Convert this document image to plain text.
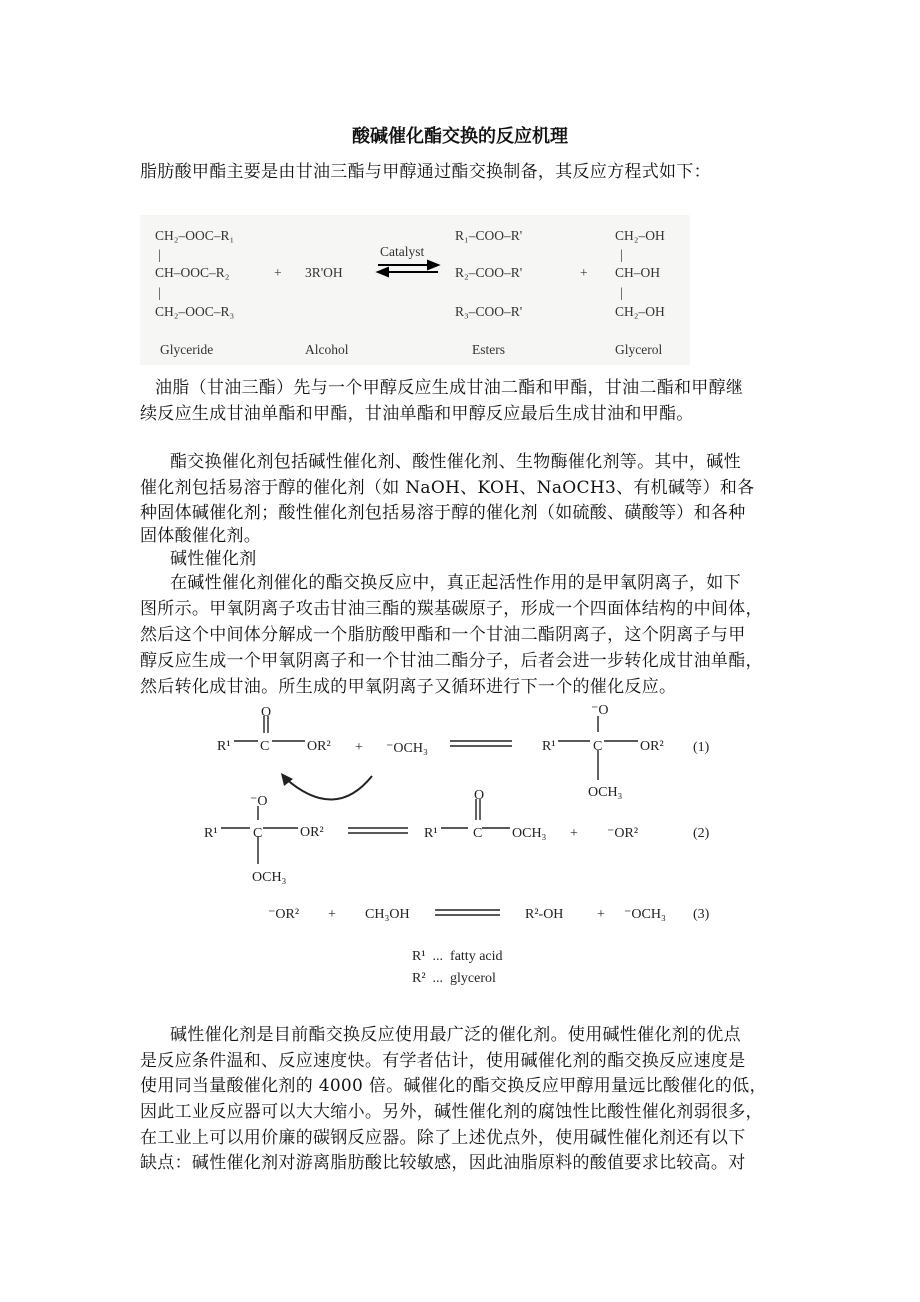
酸碱催化酯交换的反应机理
脂肪酸甲酯主要是由甘油三酯与甲醇通过酯交换制备，其反应方程式如下：
CH₂–OOC–R₁
|
CH–OOC–R₂
|
CH₂–OOC–R₃
+ 3R'OH
Catalyst
R₁–COO–R'
R₂–COO–R'
R₃–COO–R'
+
CH₂–OH
|
CH–OH
|
CH₂–OH
Glyceride	Alcohol	Esters	Glycerol
油脂（甘油三酯）先与一个甲醇反应生成甘油二酯和甲酯，甘油二酯和甲醇继
续反应生成甘油单酯和甲酯，甘油单酯和甲醇反应最后生成甘油和甲酯。
酯交换催化剂包括碱性催化剂、酸性催化剂、生物酶催化剂等。其中，碱性
催化剂包括易溶于醇的催化剂（如 NaOH、KOH、NaOCH3、有机碱等）和各
种固体碱催化剂；酸性催化剂包括易溶于醇的催化剂（如硫酸、磺酸等）和各种
固体酸催化剂。
碱性催化剂
在碱性催化剂催化的酯交换反应中，真正起活性作用的是甲氧阴离子，如下
图所示。甲氧阴离子攻击甘油三酯的羰基碳原子，形成一个四面体结构的中间体，
然后这个中间体分解成一个脂肪酸甲酯和一个甘油二酯阴离子，这个阴离子与甲
醇反应生成一个甲氧阴离子和一个甘油二酯分子，后者会进一步转化成甘油单酯，
然后转化成甘油。所生成的甲氧阴离子又循环进行下一个的催化反应。
R¹ C
O
OR² + ⁻OCH₃	R¹	C
⁻O
OR²
OCH₃
(1)
R¹	C
⁻O
OR²
OCH₃
R¹	C
O
OCH₃ + ⁻OR²	(2)
⁻OR² + CH₃OH	R²-OH + ⁻OCH₃ (3)
R¹  ...  fatty acid
R²  ...  glycerol
碱性催化剂是目前酯交换反应使用最广泛的催化剂。使用碱性催化剂的优点
是反应条件温和、反应速度快。有学者估计，使用碱催化剂的酯交换反应速度是
使用同当量酸催化剂的 4000 倍。碱催化的酯交换反应甲醇用量远比酸催化的低，
因此工业反应器可以大大缩小。另外，碱性催化剂的腐蚀性比酸性催化剂弱很多，
在工业上可以用价廉的碳钢反应器。除了上述优点外，使用碱性催化剂还有以下
缺点：碱性催化剂对游离脂肪酸比较敏感，因此油脂原料的酸值要求比较高。对
